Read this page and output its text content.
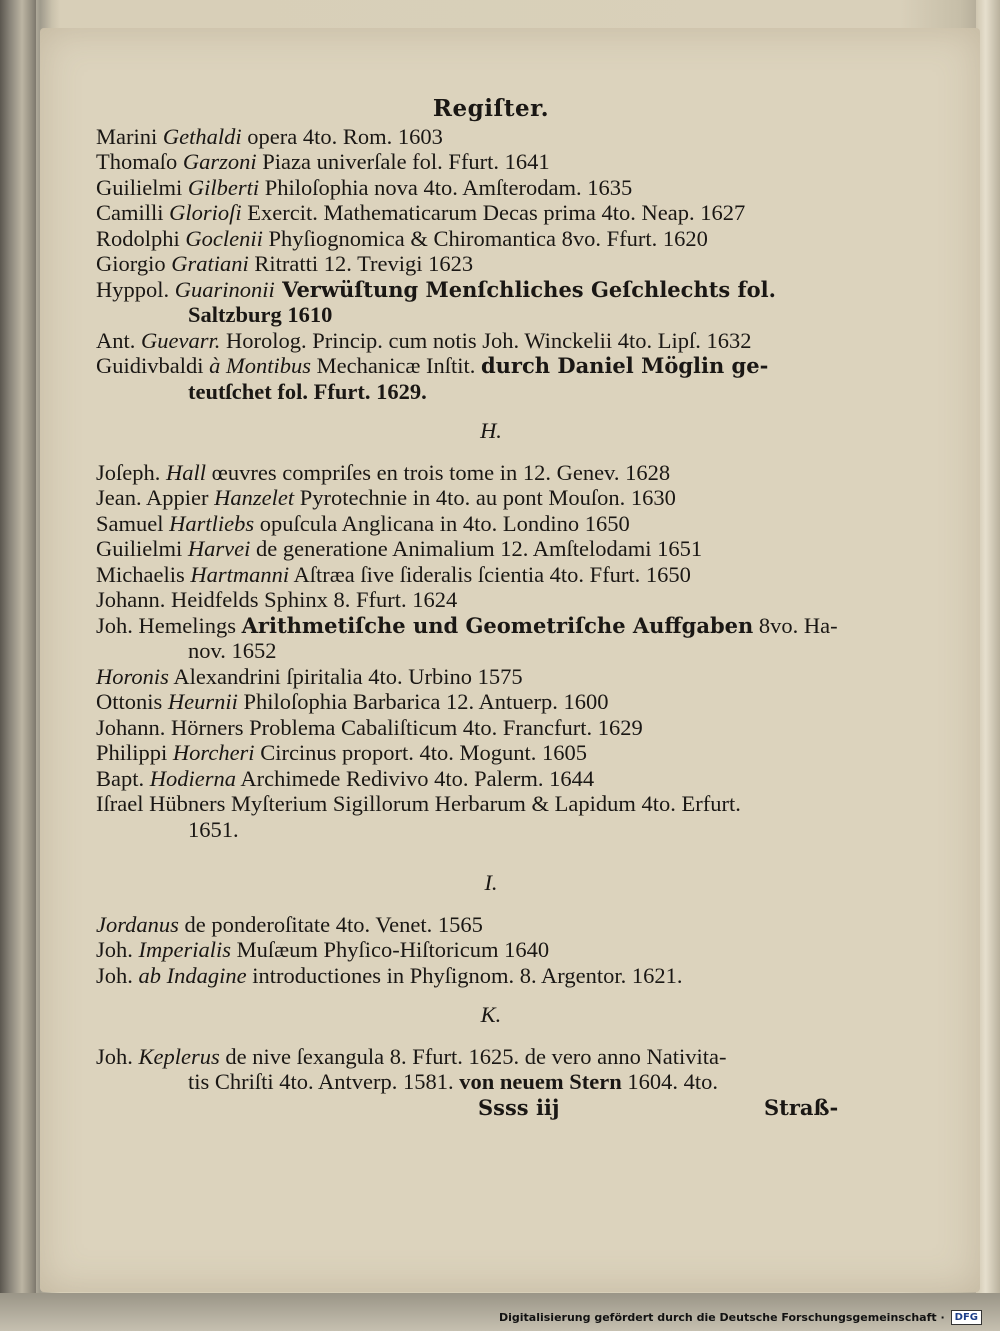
Regiſter.
Marini Gethaldi opera 4to. Rom. 1603
Thomaſo Garzoni Piaza univerſale fol. Ffurt. 1641
Guilielmi Gilberti Philoſophia nova 4to. Amſterodam. 1635
Camilli Glorioſi Exercit. Mathematicarum Decas prima 4to. Neap. 1627
Rodolphi Goclenii Phyſiognomica & Chiromantica 8vo. Ffurt. 1620
Giorgio Gratiani Ritratti 12. Trevigi 1623
Hyppol. Guarinonii Verwüſtung Menſchliches Geſchlechts fol.
Saltzburg 1610
Ant. Guevarr. Horolog. Princip. cum notis Joh. Winckelii 4to. Lipſ. 1632
Guidivbaldi à Montibus Mechanicæ Inſtit. durch Daniel Möglin ge-
teutſchet fol. Ffurt. 1629.
H.
Joſeph. Hall œuvres compriſes en trois tome in 12. Genev. 1628
Jean. Appier Hanzelet Pyrotechnie in 4to. au pont Mouſon. 1630
Samuel Hartliebs opuſcula Anglicana in 4to. Londino 1650
Guilielmi Harvei de generatione Animalium 12. Amſtelodami 1651
Michaelis Hartmanni Aſtræa ſive ſideralis ſcientia 4to. Ffurt. 1650
Johann. Heidfelds Sphinx 8. Ffurt. 1624
Joh. Hemelings Arithmetiſche und Geometriſche Auffgaben 8vo. Ha-
nov. 1652
Horonis Alexandrini ſpiritalia 4to. Urbino 1575
Ottonis Heurnii Philoſophia Barbarica 12. Antuerp. 1600
Johann. Hörners Problema Cabaliſticum 4to. Francfurt. 1629
Philippi Horcheri Circinus proport. 4to. Mogunt. 1605
Bapt. Hodierna Archimede Redivivo 4to. Palerm. 1644
Iſrael Hübners Myſterium Sigillorum Herbarum & Lapidum 4to. Erfurt.
1651.
I.
Jordanus de ponderoſitate 4to. Venet. 1565
Joh. Imperialis Muſæum Phyſico-Hiſtoricum 1640
Joh. ab Indagine introductiones in Phyſignom. 8. Argentor. 1621.
K.
Joh. Keplerus de nive ſexangula 8. Ffurt. 1625. de vero anno Nativita-
tis Chriſti 4to. Antverp. 1581. von neuem Stern 1604. 4to.
Ssss iij	Straß-
Digitalisierung gefördert durch die Deutsche Forschungsgemeinschaft ·	DFG
